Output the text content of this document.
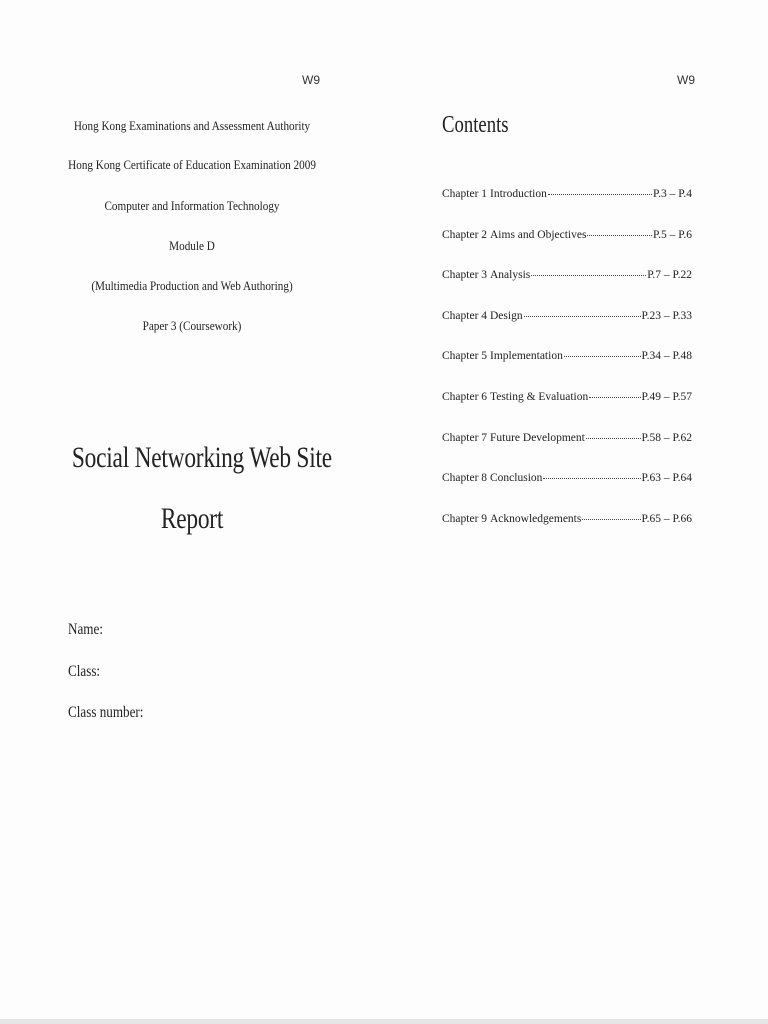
W9	W9
Hong Kong Examinations and Assessment Authority
Hong Kong Certificate of Education Examination 2009
Computer and Information Technology
Module D
(Multimedia Production and Web Authoring)
Paper 3 (Coursework)
Social Networking Web Site
Report
Name:
Class:
Class number:
Contents
Chapter 1 Introduction	P.3 – P.4
Chapter 2 Aims and Objectives	P.5 – P.6
Chapter 3 Analysis	P.7 – P.22
Chapter 4 Design	P.23 – P.33
Chapter 5 Implementation	P.34 – P.48
Chapter 6 Testing & Evaluation	P.49 – P.57
Chapter 7 Future Development	P.58 – P.62
Chapter 8 Conclusion	P.63 – P.64
Chapter 9 Acknowledgements	P.65 – P.66
